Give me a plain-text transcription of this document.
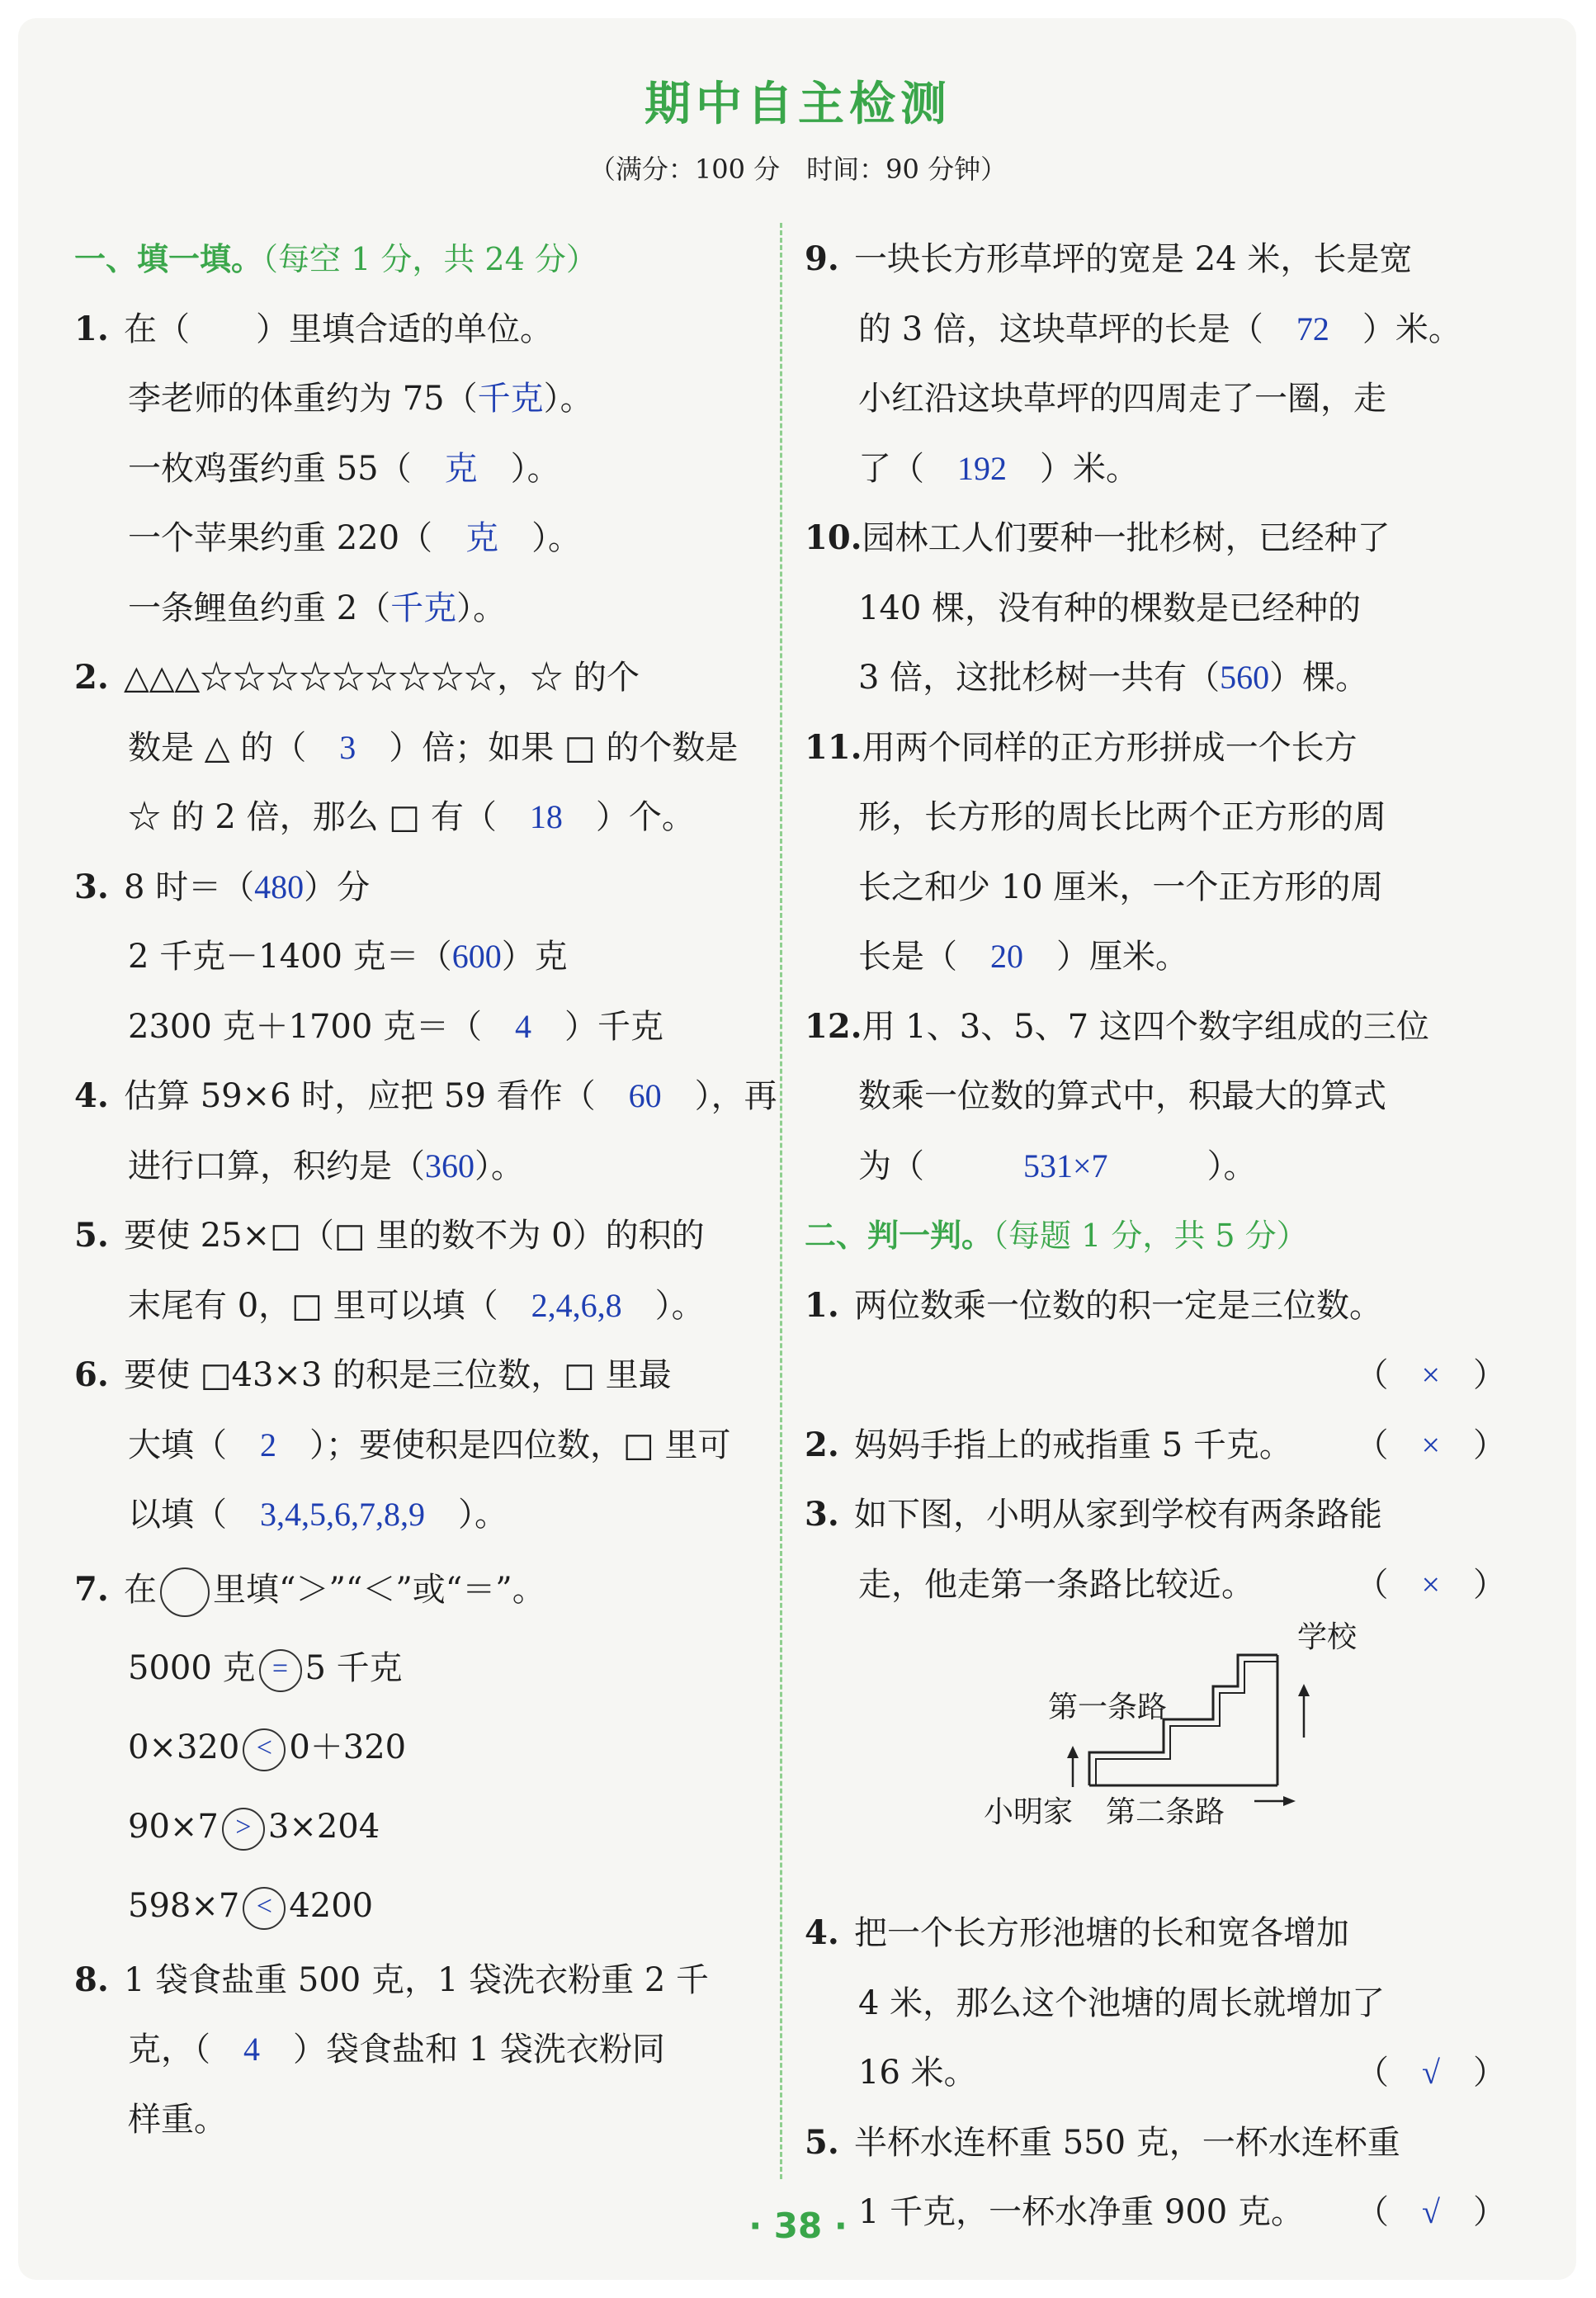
期中自主检测
（满分：100 分　时间：90 分钟）
一、填一填。（每空 1 分，共 24 分）
1. 在（　　）里填合适的单位。
李老师的体重约为 75（千克）。
一枚鸡蛋约重 55（　 克　 ）。
一个苹果约重 220（　 克　 ）。
一条鲤鱼约重 2（千克）。
2. △△△☆☆☆☆☆☆☆☆☆，☆ 的个
数是 △ 的（　 3　 ）倍；如果 □ 的个数是
☆ 的 2 倍，那么 □ 有（　 18　 ）个。
3. 8 时＝（480）分
2 千克－1400 克＝（600）克
2300 克＋1700 克＝（　 4　 ）千克
4. 估算 59×6 时，应把 59 看作（　 60　 ），再
进行口算，积约是（360）。
5. 要使 25×□（□ 里的数不为 0）的积的
末尾有 0，□ 里可以填（　 2,4,6,8　 ）。
6. 要使 □43×3 的积是三位数，□ 里最
大填（　 2　 ）；要使积是四位数，□ 里可
以填（　 3,4,5,6,7,8,9　 ）。
7. 在 里填“＞”“＜”或“＝”。
5000 克 = 5 千克
0×320 < 0＋320
90×7 > 3×204
598×7 < 4200
8. 1 袋食盐重 500 克，1 袋洗衣粉重 2 千
克，（　 4　 ）袋食盐和 1 袋洗衣粉同
样重。
9. 一块长方形草坪的宽是 24 米，长是宽
的 3 倍，这块草坪的长是（　 72　 ）米。
小红沿这块草坪的四周走了一圈，走
了（　 192　 ）米。
10.园林工人们要种一批杉树，已经种了
140 棵，没有种的棵数是已经种的
3 倍，这批杉树一共有（560）棵。
11.用两个同样的正方形拼成一个长方
形，长方形的周长比两个正方形的周
长之和少 10 厘米，一个正方形的周
长是（　 20　 ）厘米。
12.用 1、3、5、7 这四个数字组成的三位
数乘一位数的算式中，积最大的算式
为（　　　	531×7　　　	）。
二、判一判。（每题 1 分，共 5 分）
1. 两位数乘一位数的积一定是三位数。
（　×　）
2. 妈妈手指上的戒指重 5 千克。 （　×　）
3. 如下图，小明从家到学校有两条路能
走，他走第一条路比较近。	（　×　）
4. 把一个长方形池塘的长和宽各增加
4 米，那么这个池塘的周长就增加了
16 米。	（　√　）
5. 半杯水连杯重 550 克，一杯水连杯重
1 千克，一杯水净重 900 克。 （　√　）
学校
第一条路
小明家 第二条路
· 38 ·
